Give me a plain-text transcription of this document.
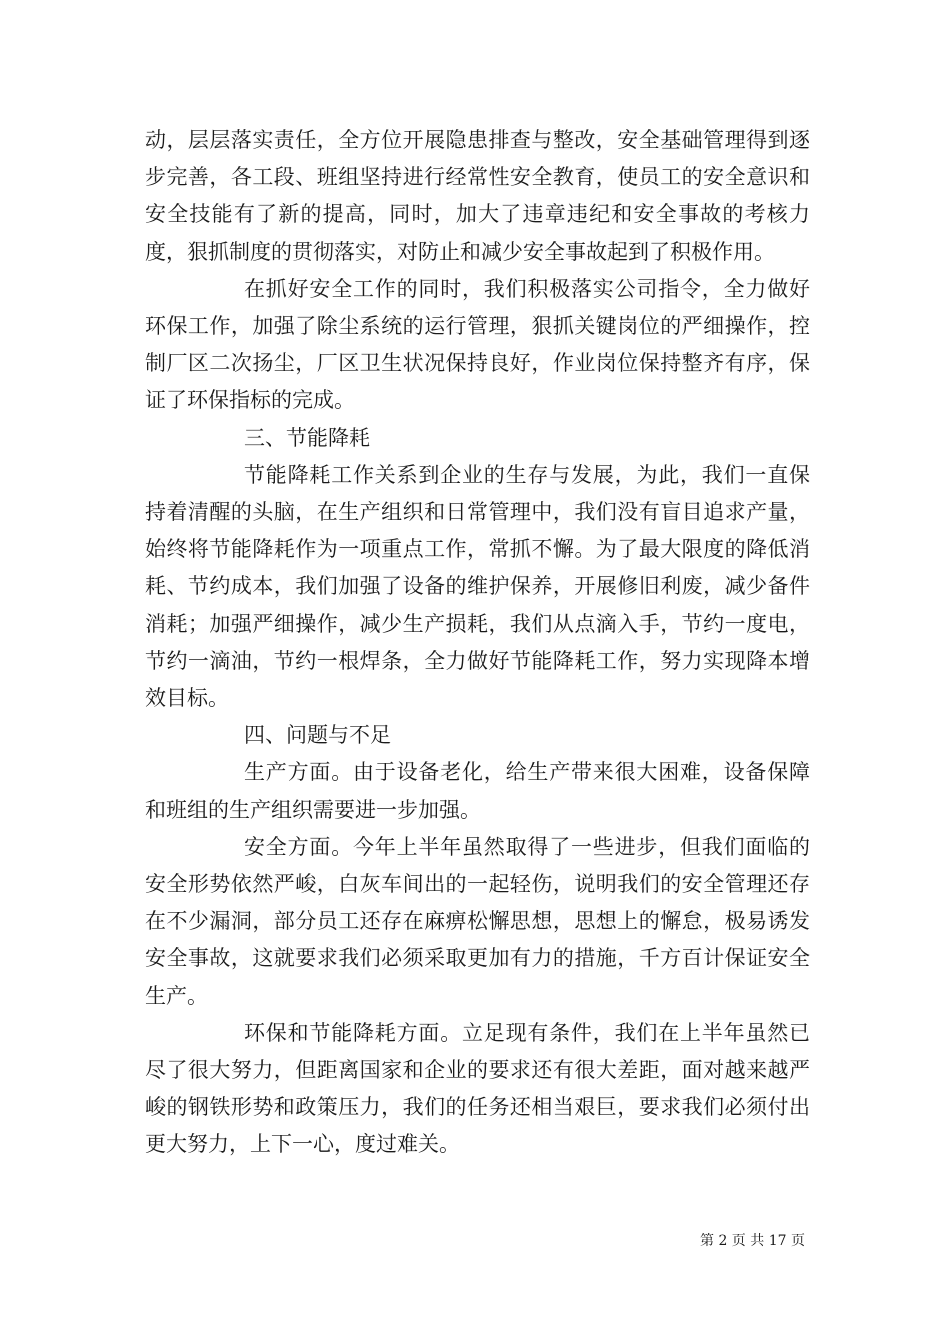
动，层层落实责任，全方位开展隐患排查与整改，安全基础管理得到逐步完善，各工段、班组坚持进行经常性安全教育，使员工的安全意识和安全技能有了新的提高，同时，加大了违章违纪和安全事故的考核力度，狠抓制度的贯彻落实，对防止和减少安全事故起到了积极作用。

在抓好安全工作的同时，我们积极落实公司指令，全力做好环保工作，加强了除尘系统的运行管理，狠抓关键岗位的严细操作，控制厂区二次扬尘，厂区卫生状况保持良好，作业岗位保持整齐有序，保证了环保指标的完成。

三、节能降耗

节能降耗工作关系到企业的生存与发展，为此，我们一直保持着清醒的头脑，在生产组织和日常管理中，我们没有盲目追求产量，始终将节能降耗作为一项重点工作，常抓不懈。为了最大限度的降低消耗、节约成本，我们加强了设备的维护保养，开展修旧利废，减少备件消耗；加强严细操作，减少生产损耗，我们从点滴入手，节约一度电，节约一滴油，节约一根焊条，全力做好节能降耗工作，努力实现降本增效目标。

四、问题与不足

生产方面。由于设备老化，给生产带来很大困难，设备保障和班组的生产组织需要进一步加强。

安全方面。今年上半年虽然取得了一些进步，但我们面临的安全形势依然严峻，白灰车间出的一起轻伤，说明我们的安全管理还存在不少漏洞，部分员工还存在麻痹松懈思想，思想上的懈怠，极易诱发安全事故，这就要求我们必须采取更加有力的措施，千方百计保证安全生产。

环保和节能降耗方面。立足现有条件，我们在上半年虽然已尽了很大努力，但距离国家和企业的要求还有很大差距，面对越来越严峻的钢铁形势和政策压力，我们的任务还相当艰巨，要求我们必须付出更大努力，上下一心，度过难关。

第 2 页 共 17 页
